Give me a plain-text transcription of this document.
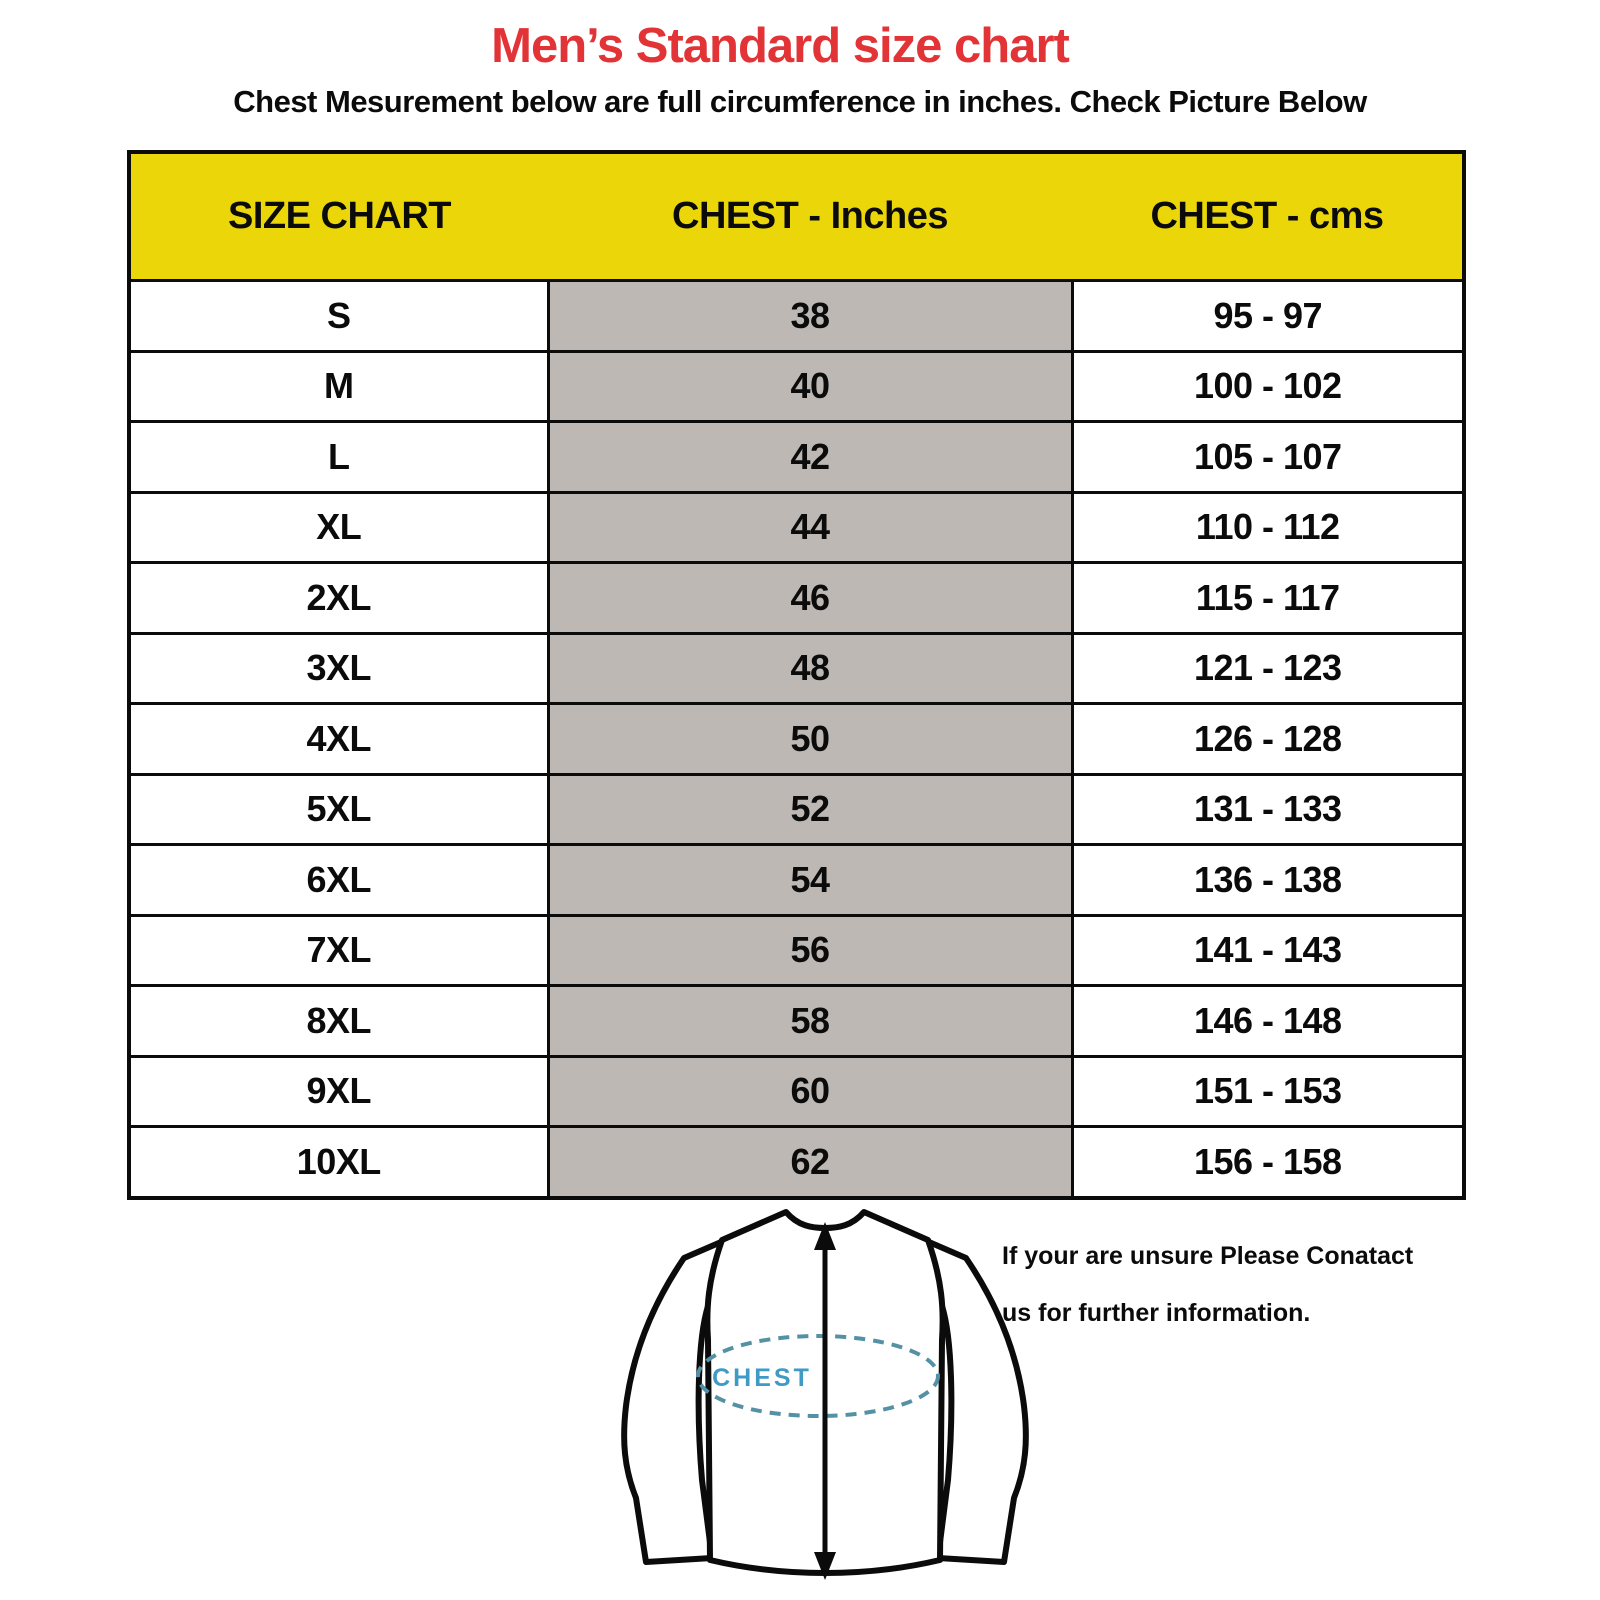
Men’s Standard size chart
Chest Mesurement below are full circumference in inches. Check Picture Below
SIZE CHART	CHEST - Inches	CHEST - cms
S	38	95 - 97
M	40	100 - 102
L	42	105 - 107
XL	44	110 - 112
2XL	46	115 - 117
3XL	48	121 - 123
4XL	50	126 - 128
5XL	52	131 - 133
6XL	54	136 - 138
7XL	56	141 - 143
8XL	58	146 - 148
9XL	60	151 - 153
10XL	62	156 - 158
CHEST
If your are unsure Please Conatact
us for further information.
